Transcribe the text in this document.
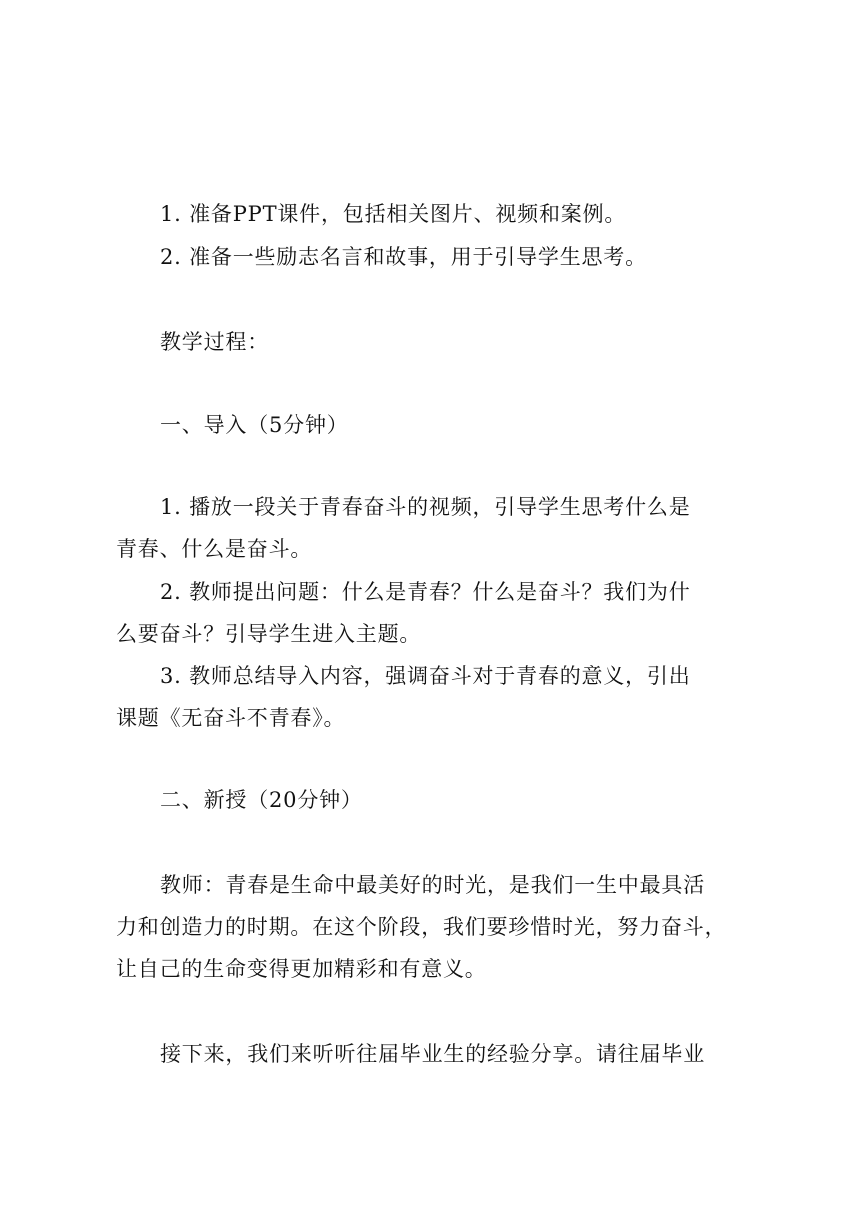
1. 准备PPT课件，包括相关图片、视频和案例。
2. 准备一些励志名言和故事，用于引导学生思考。
教学过程：
一、导入（5分钟）
1. 播放一段关于青春奋斗的视频，引导学生思考什么是
青春、什么是奋斗。
2. 教师提出问题：什么是青春？什么是奋斗？我们为什
么要奋斗？引导学生进入主题。
3. 教师总结导入内容，强调奋斗对于青春的意义，引出
课题《无奋斗不青春》。
二、新授（20分钟）
教师：青春是生命中最美好的时光，是我们一生中最具活
力和创造力的时期。在这个阶段，我们要珍惜时光，努力奋斗，
让自己的生命变得更加精彩和有意义。
接下来，我们来听听往届毕业生的经验分享。请往届毕业
